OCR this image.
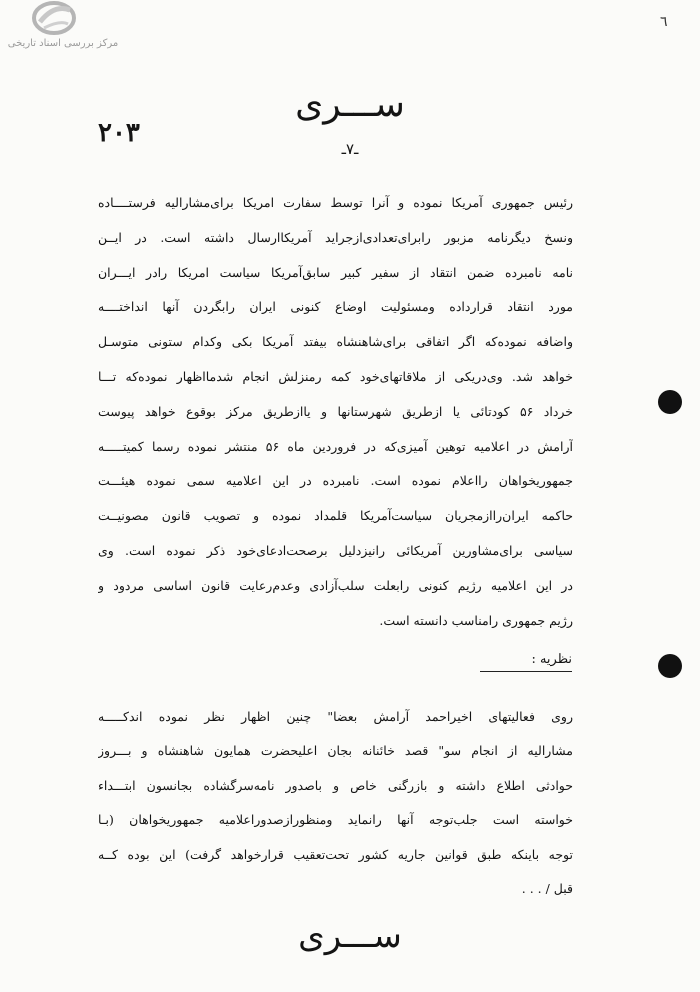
مرکز بررسی اسناد تاریخی
٦
ســـری
٢٠٣
ـ٧ـ
رئیس جمهوری آمریکا نموده و آنرا توسط سفارت امریکا برای‌مشارالیه فرستــــاده
ونسخ دیگرنامه مزبور رابرای‌تعدادی‌ازجراید آمریکاارسال داشته است. در ایــن
نامه نامبرده ضمن انتقاد از سفیر کبیر سابق‌آمریکا سیاست امریکا رادر ایـــران
مورد انتقاد قرارداده ومسئولیت اوضاع کنونی ایران رابگردن آنها انداختــــه
واضافه نموده‌که اگر اتفاقی برای‌شاهنشاه بیفتد آمریکا بکی وکدام ستونی متوسـل
خواهد شد. وی‌دریکی از ملاقاتهای‌خود کمه رمنزلش انجام شدمااظهار نموده‌که تـــا
خرداد ۵۶ کودتائی یا ازطریق شهرستانها و یاازطریق مرکز بوقوع خواهد پیوست
آرامش در اعلامیه توهین آمیزی‌که در فروردین ماه ۵۶ منتشر نموده رسما کمیتـــــه
جمهوریخواهان رااعلام نموده است. نامبرده در این اعلامیه سمی نموده هیئـــت
حاکمه ایران‌راازمجریان سیاست‌آمریکا قلمداد نموده و تصویب قانون مصونیــت
سیاسی برای‌مشاورین آمریکائی رانیزدلیل برصحت‌ادعای‌خود ذکر نموده است. وی
در این اعلامیه رژیم کنونی رابعلت سلب‌آزادی وعدم‌رعایت قانون اساسی مردود و
رژیم جمهوری رامناسب دانسته است.
نظریه :
روی فعالیتهای اخیراحمد آرامش بعضا" چنین اظهار نظر نموده اندکـــــه
مشارالیه از انجام سو" قصد خائنانه بجان اعلیحضرت همایون شاهنشاه و بـــروز
حوادثی اطلاع داشته و بازرگنی خاص و باصدور نامه‌سرگشاده بجانسون ابتـــداء
خواسته است جلب‌توجه آنها رانماید ومنظورازصدوراعلامیه جمهوریخواهان (بـا
توجه باینکه طبق قوانین جاریه کشور تحت‌تعقیب قرارخواهد گرفت) این بوده کــه
قبل / . . .
ســـری
